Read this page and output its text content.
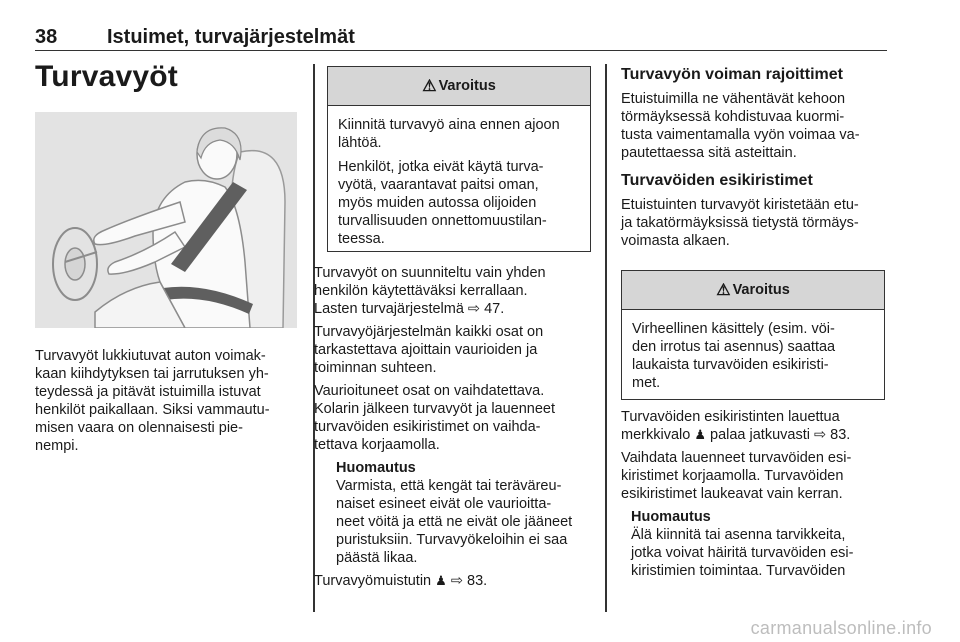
38 Istuimet, turvajärjestelmät
Turvavyöt
Turvavyöt lukkiutuvat auton voimak-
kaan kiihdytyksen tai jarrutuksen yh-
teydessä ja pitävät istuimilla istuvat
henkilöt paikallaan. Siksi vammautu-
misen vaara on olennaisesti pie-
nempi.
⚠ Varoitus

Kiinnitä turvavyö aina ennen ajoon
lähtöä.

Henkilöt, jotka eivät käytä turva-
vyötä, vaarantavat paitsi oman,
myös muiden autossa olijoiden
turvallisuuden onnettomuustilan-
teessa.

Turvavyöt on suunniteltu vain yhden
henkilön käytettäväksi kerrallaan.
Lasten turvajärjestelmä ⇨ 47.

Turvavyöjärjestelmän kaikki osat on
tarkastettava ajoittain vaurioiden ja
toiminnan suhteen.

Vaurioituneet osat on vaihdatettava.
Kolarin jälkeen turvavyöt ja lauenneet
turvavöiden esikiristimet on vaihda-
tettava korjaamolla.

Huomautus
Varmista, että kengät tai teräväreu-
naiset esineet eivät ole vaurioitta-
neet vöitä ja että ne eivät ole jääneet
puristuksiin. Turvavyökeloihin ei saa
päästä likaa.

Turvavyömuistutin ♟ ⇨ 83.

Turvavyön voiman rajoittimet

Etuistuimilla ne vähentävät kehoon
törmäyksessä kohdistuvaa kuormi-
tusta vaimentamalla vyön voimaa va-
pautettaessa sitä asteittain.

Turvavöiden esikiristimet

Etuistuinten turvavyöt kiristetään etu-
ja takatörmäyksissä tietystä törmäys-
voimasta alkaen.

⚠ Varoitus
Virheellinen käsittely (esim. vöi-
den irrotus tai asennus) saattaa
laukaista turvavöiden esikiristi-
met.

Turvavöiden esikiristinten lauettua
merkkivalo ♟ palaa jatkuvasti ⇨ 83.

Vaihdata lauenneet turvavöiden esi-
kiristimet korjaamolla. Turvavöiden
esikiristimet laukeavat vain kerran.

Huomautus
Älä kiinnitä tai asenna tarvikkeita,
jotka voivat häiritä turvavöiden esi-
kiristimien toimintaa. Turvavöiden
carmanualsonline.info
